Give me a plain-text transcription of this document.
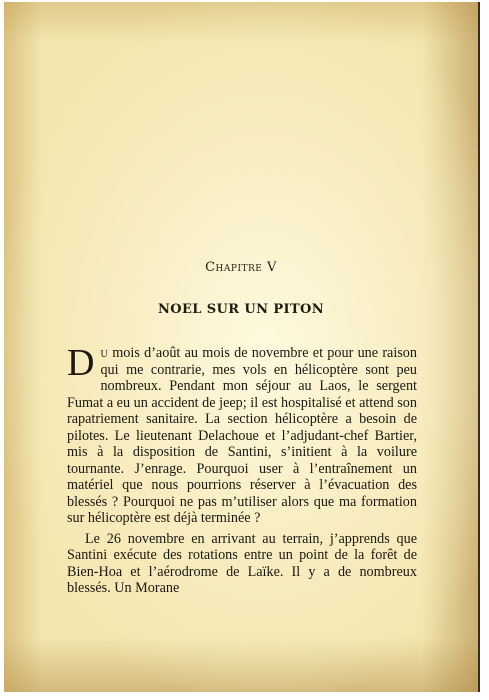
Chapitre V
NOEL SUR UN PITON
Du mois d’août au mois de novembre et pour une raison qui me contrarie, mes vols en hélicoptère sont peu nombreux. Pendant mon séjour au Laos, le sergent Fumat a eu un accident de jeep; il est hospitalisé et attend son rapatriement sanitaire. La section hélicoptère a besoin de pilotes. Le lieutenant Delachoue et l’adjudant-chef Bartier, mis à la disposition de Santini, s’initient à la voilure tournante. J’enrage. Pourquoi user à l’entraînement un matériel que nous pourrions réserver à l’évacuation des blessés ? Pourquoi ne pas m’utiliser alors que ma formation sur hélicoptère est déjà terminée ?
Le 26 novembre en arrivant au terrain, j’apprends que Santini exécute des rotations entre un point de la forêt de Bien-Hoa et l’aérodrome de Laïke. Il y a de nombreux blessés. Un Morane
